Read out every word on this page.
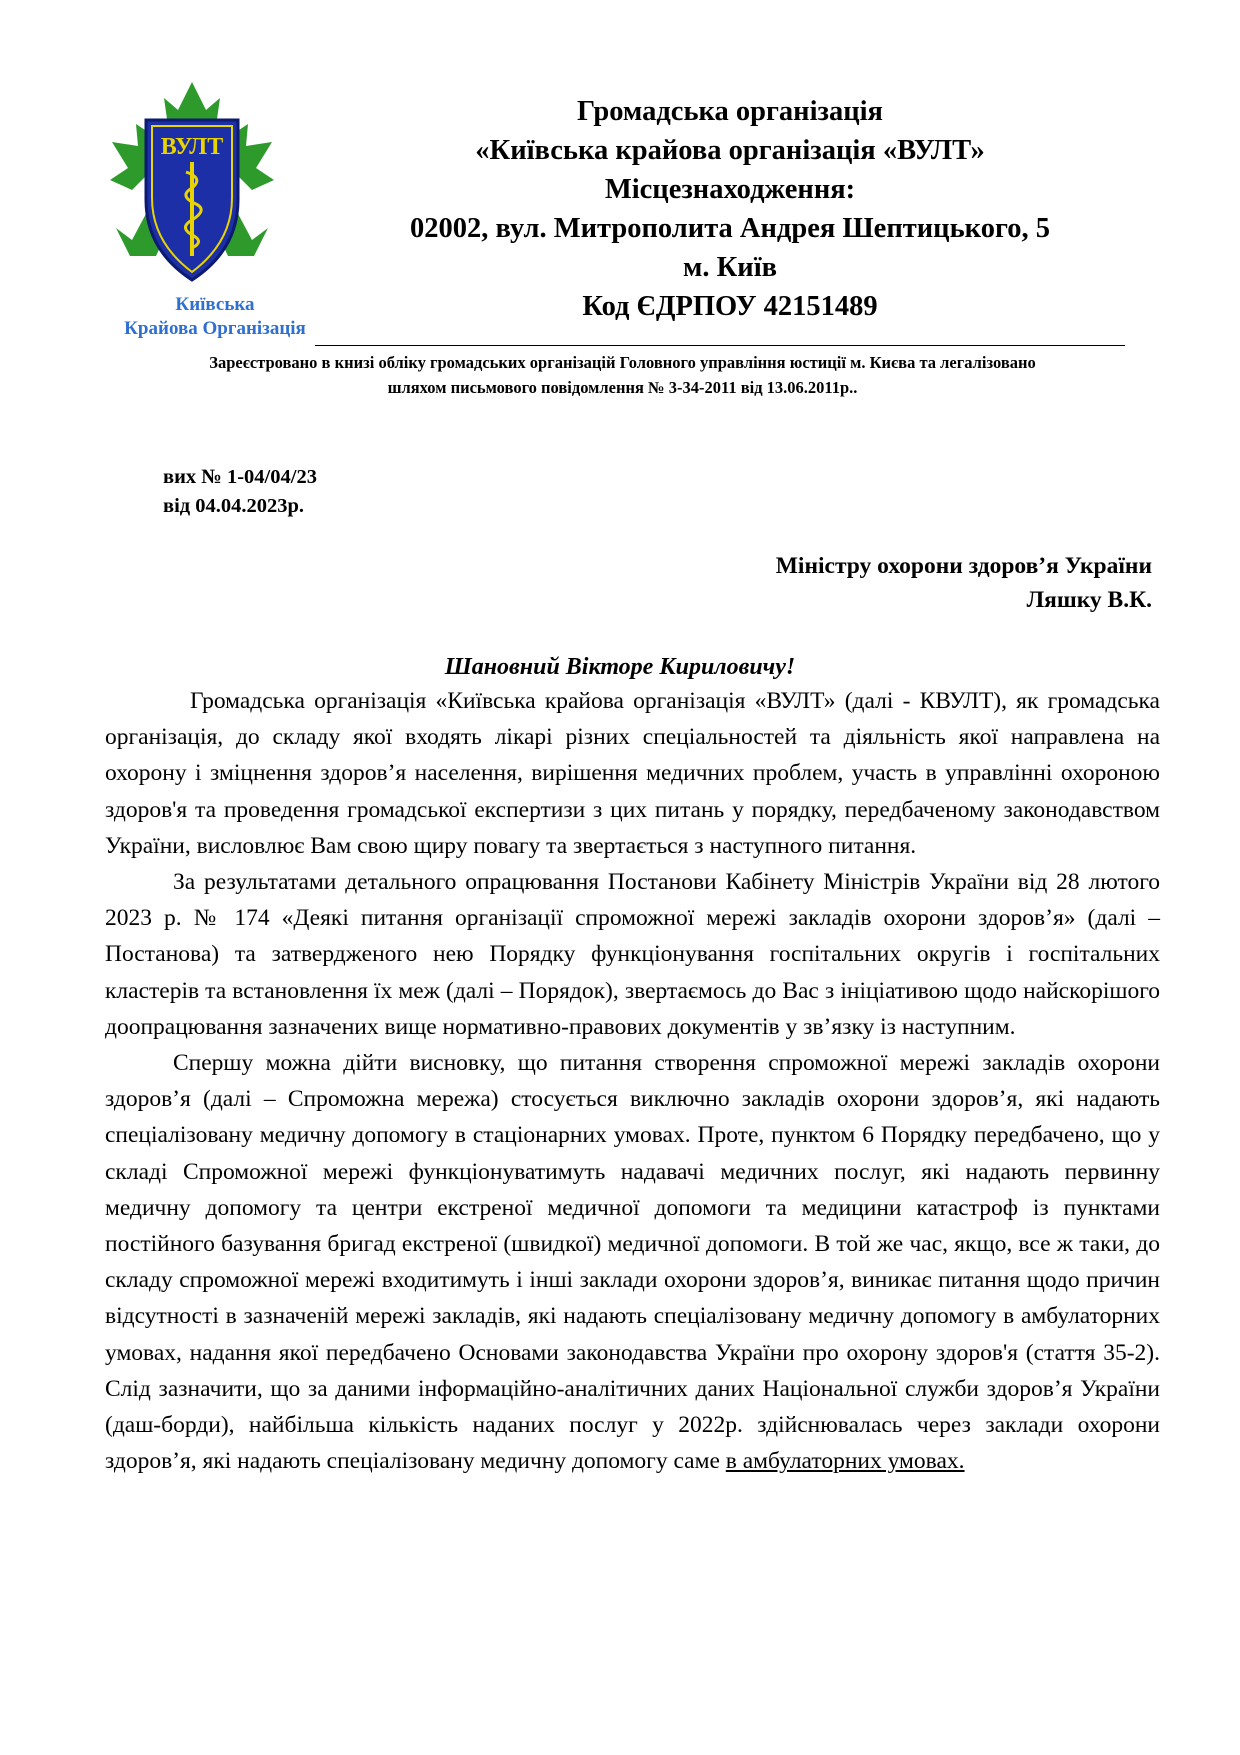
ВУЛТ
Київська
Крайова Організація
Громадська організація
«Київська крайова організація «ВУЛТ»
Місцезнаходження:
02002, вул. Митрополита Андрея Шептицького, 5
м. Київ
Код ЄДРПОУ 42151489
Зареєстровано в книзі обліку громадських організацій Головного управління юстиції м. Києва та легалізовано
шляхом письмового повідомлення № 3-34-2011 від 13.06.2011р..
вих № 1-04/04/23
від 04.04.2023р.
Міністру охорони здоров’я України
Ляшку В.К.
Шановний Вікторе Кириловичу!

Громадська організація «Київська крайова організація «ВУЛТ» (далі - КВУЛТ), як громадська організація, до складу якої входять лікарі різних спеціальностей та діяльність якої направлена на охорону і зміцнення здоров’я населення, вирішення медичних проблем, участь в управлінні охороною здоров'я та проведення громадської експертизи з цих питань у порядку, передбаченому законодавством України, висловлює Вам свою щиру повагу та звертається з наступного питання.

За результатами детального опрацювання Постанови Кабінету Міністрів України від 28 лютого 2023 р. № 174 «Деякі питання організації спроможної мережі закладів охорони здоров’я» (далі – Постанова) та затвердженого нею Порядку функціонування госпітальних округів і госпітальних кластерів та встановлення їх меж (далі – Порядок), звертаємось до Вас з ініціативою щодо найскорішого доопрацювання зазначених вище нормативно-правових документів у зв’язку із наступним.

Спершу можна дійти висновку, що питання створення спроможної мережі закладів охорони здоров’я (далі – Спроможна мережа) стосується виключно закладів охорони здоров’я, які надають спеціалізовану медичну допомогу в стаціонарних умовах. Проте, пунктом 6 Порядку передбачено, що у складі Спроможної мережі функціонуватимуть надавачі медичних послуг, які надають первинну медичну допомогу та центри екстреної медичної допомоги та медицини катастроф із пунктами постійного базування бригад екстреної (швидкої) медичної допомоги. В той же час, якщо, все ж таки, до складу спроможної мережі входитимуть і інші заклади охорони здоров’я, виникає питання щодо причин відсутності в зазначеній мережі закладів, які надають спеціалізовану медичну допомогу в амбулаторних умовах, надання якої передбачено Основами законодавства України про охорону здоров'я (стаття 35-2). Слід зазначити, що за даними інформаційно-аналітичних даних Національної служби здоров’я України (даш-борди), найбільша кількість наданих послуг у 2022р. здійснювалась через заклади охорони здоров’я, які надають спеціалізовану медичну допомогу саме в амбулаторних умовах.
